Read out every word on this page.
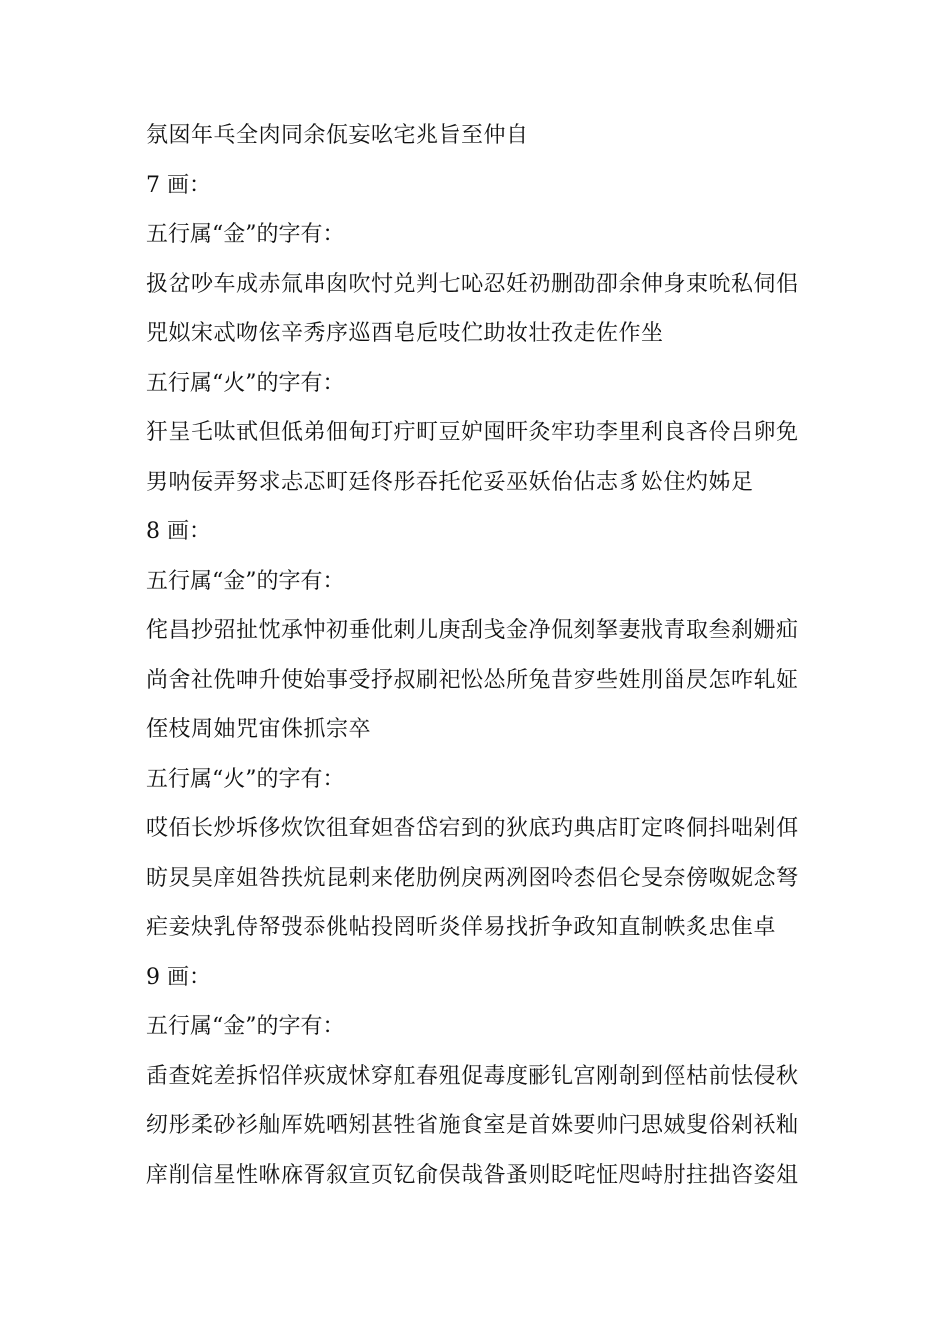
氛囡年乓全肉同余佤妄吆宅兆旨至仲自
7 画：
五行属“金”的字有：
扱岔吵车成赤氚串囱吹忖兑判七吣忍妊礽删劭卲余伸身束吮私伺佀
兕姒宋忒吻伭辛秀序巡酉皂卮吱伫助妆壮孜走佐作坐
五行属“火”的字有：
犴呈乇呔甙但低弟佃甸玎疔町豆妒囤旰灸牢玏李里利良吝伶吕卵免
男呐佞弄努求忐忑町廷佟彤吞托佗妥巫妖佁佔志豸妐住灼姊足
8 画：
五行属“金”的字有：
侘昌抄弨扯忱承忡初垂仳刺儿庚刮戋金净侃刻拏妻戕青取叁刹姗疝
尚舍社侁呻升使始事受抒叔刷祀忪怂所兔昔穸些姓刖甾昃怎咋轧姃
侄枝周妯咒宙侏抓宗卒
五行属“火”的字有：
哎佰长炒坼侈炊饮徂耷妲沓岱宕到的狄底玓典店盯定咚侗抖咄剁佴
昉炅昊庠姐咎抶炕昆剌来佬肋例戾两冽囹呤枩侣仑旻奈傍呶妮念弩
疟妾炔乳侍帑弢忝佻帖投罔昕炎佯易找折争政知直制帙炙忠隹卓
9 画：
五行属“金”的字有：
臿查姹差拆怊佯疢宬怵穿舡春殂促毒度彨钆宫刚剞到俓枯前怯侵秋
纫彤柔砂衫舢厍姺哂矧甚牲省施食室是首姝要帅闩思娀叟俗剁袄籼
庠削信星性咻庥胥叙宣页钇俞俣哉昝蚤则眨咤怔咫峙肘拄拙咨姿俎
